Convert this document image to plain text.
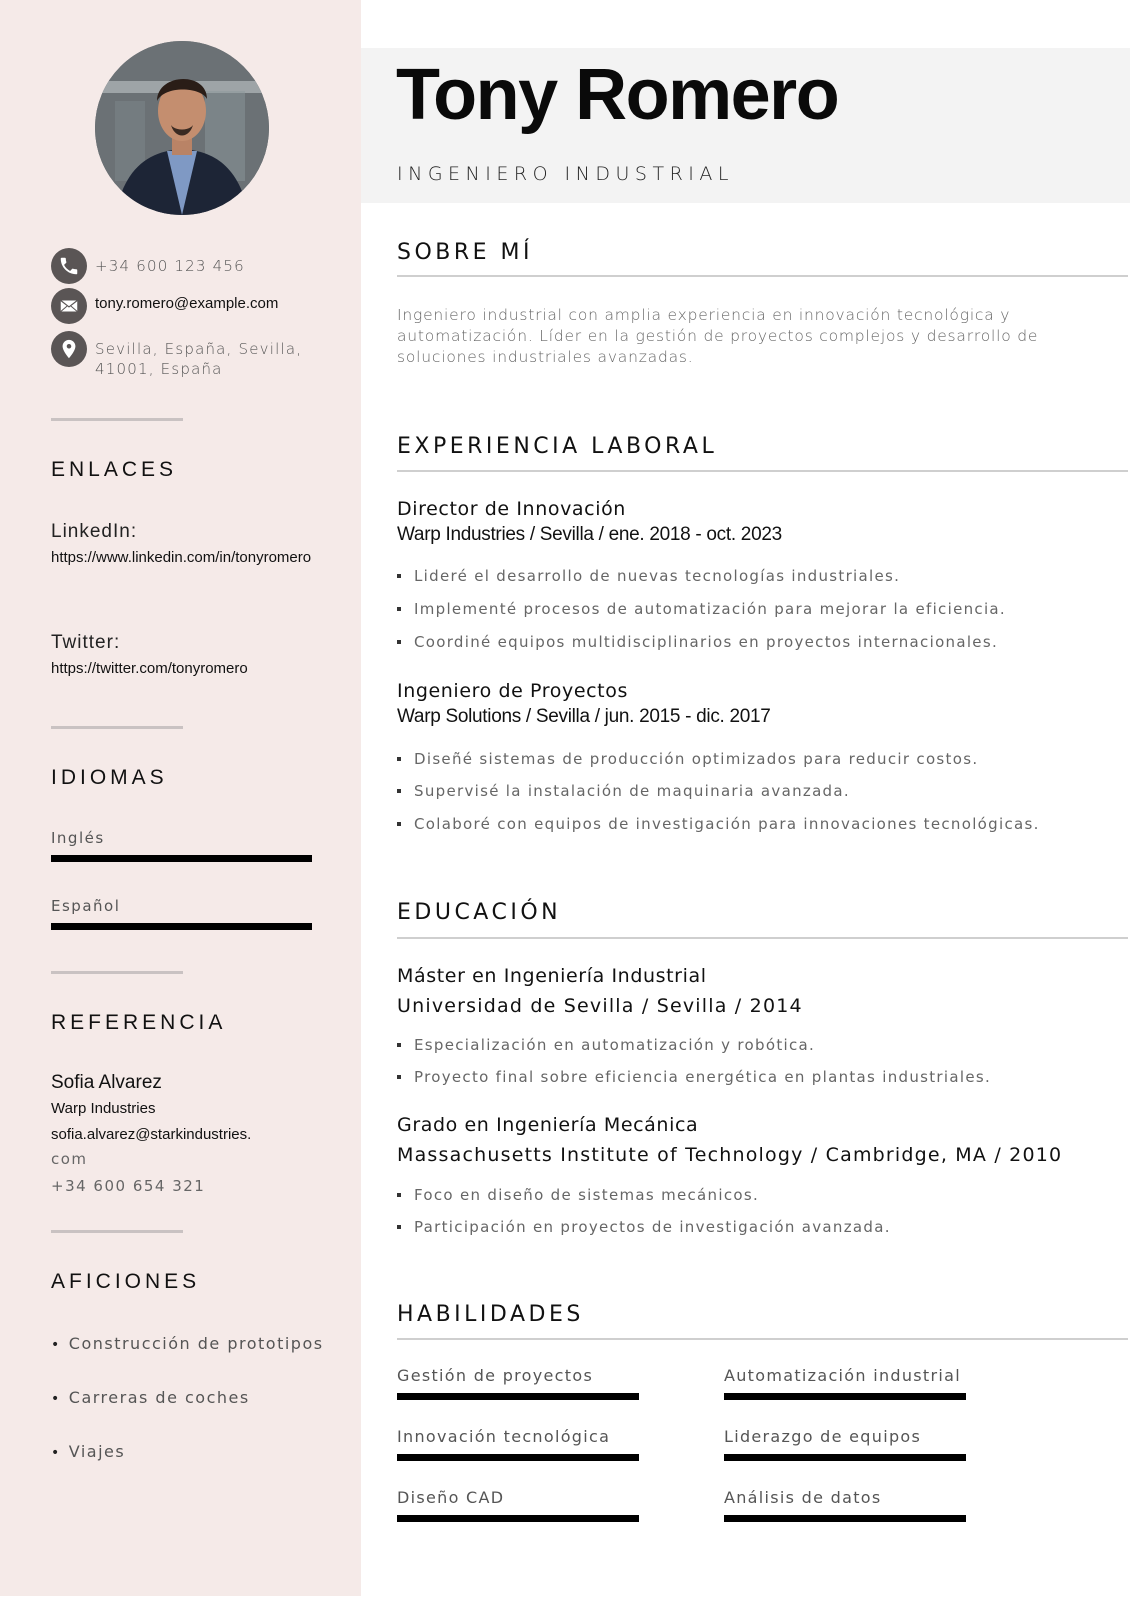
+34 600 123 456
tony.romero@example.com
Sevilla, España, Sevilla,
41001, España
ENLACES
LinkedIn:
https://www.linkedin.com/in/tonyromero
Twitter:
https://twitter.com/tonyromero
IDIOMAS
Inglés
Español
REFERENCIA
Sofia Alvarez
Warp Industries
sofia.alvarez@starkindustries.
com
+34 600 654 321
AFICIONES
• Construcción de prototipos
• Carreras de coches
• Viajes
Tony Romero
INGENIERO INDUSTRIAL
SOBRE MÍ

Ingeniero industrial con amplia experiencia en innovación tecnológica y automatización. Líder en la gestión de proyectos complejos y desarrollo de soluciones industriales avanzadas.

EXPERIENCIA LABORAL
Director de Innovación
Warp Industries / Sevilla / ene. 2018 - oct. 2023
Lideré el desarrollo de nuevas tecnologías industriales.
Implementé procesos de automatización para mejorar la eficiencia.
Coordiné equipos multidisciplinarios en proyectos internacionales.
Ingeniero de Proyectos
Warp Solutions / Sevilla / jun. 2015 - dic. 2017
Diseñé sistemas de producción optimizados para reducir costos.
Supervisé la instalación de maquinaria avanzada.
Colaboré con equipos de investigación para innovaciones tecnológicas.
EDUCACIÓN
Máster en Ingeniería Industrial
Universidad de Sevilla / Sevilla / 2014
Especialización en automatización y robótica.
Proyecto final sobre eficiencia energética en plantas industriales.
Grado en Ingeniería Mecánica
Massachusetts Institute of Technology / Cambridge, MA / 2010
Foco en diseño de sistemas mecánicos.
Participación en proyectos de investigación avanzada.
HABILIDADES
Gestión de proyectos	Automatización industrial
Innovación tecnológica	Liderazgo de equipos
Diseño CAD	Análisis de datos
